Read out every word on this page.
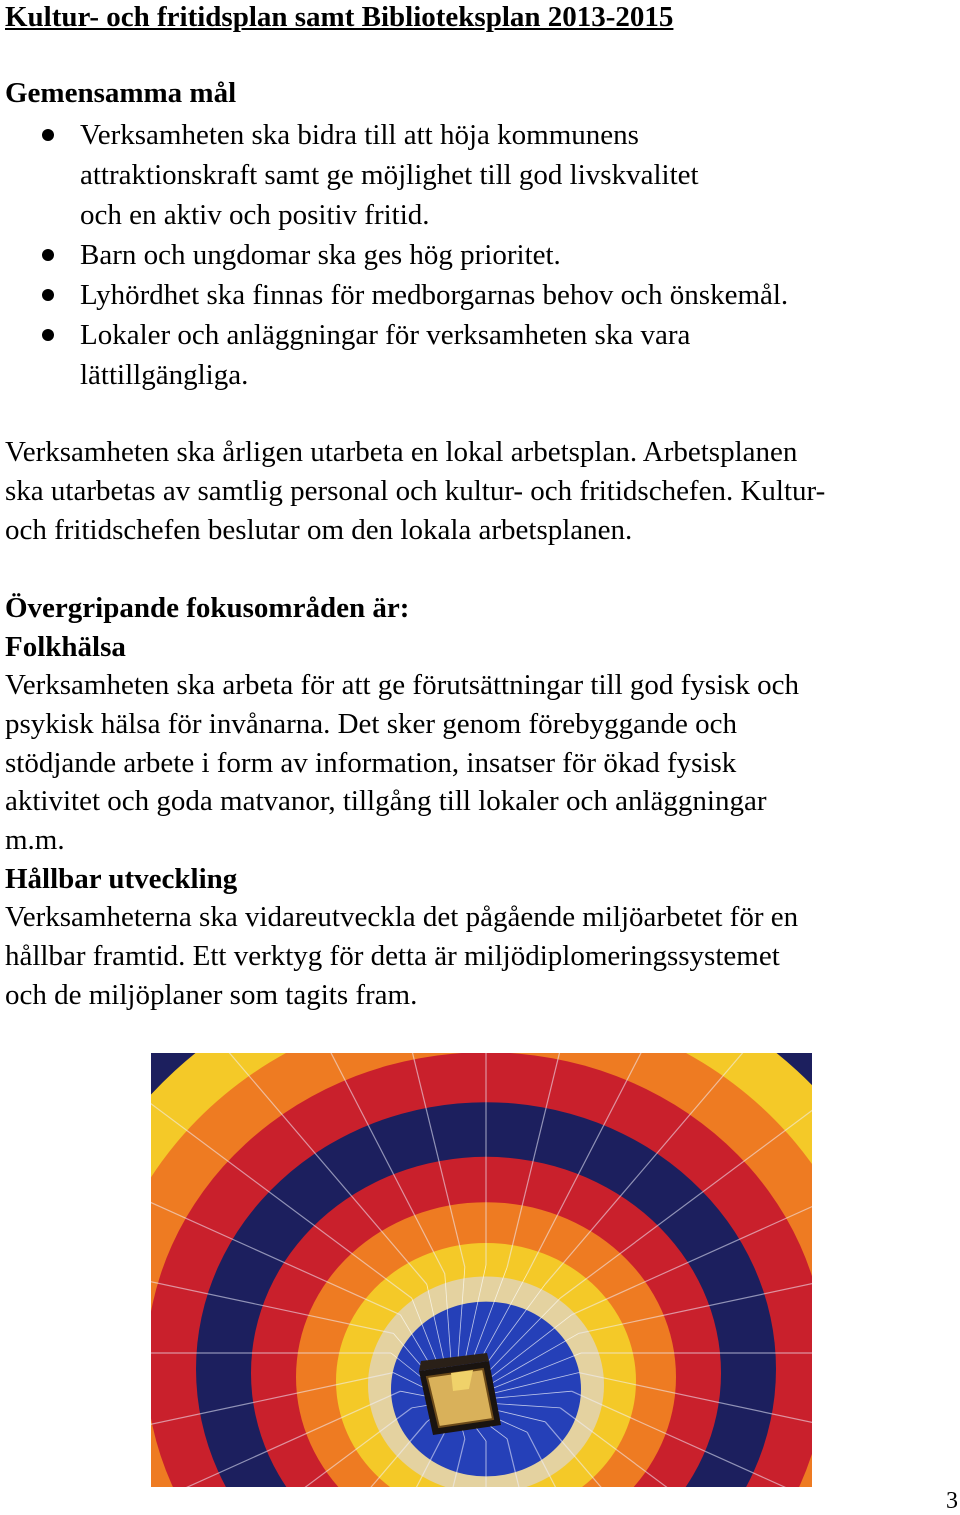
Kultur- och fritidsplan samt Biblioteksplan 2013-2015
Gemensamma mål
Verksamheten ska bidra till att höja kommunens
attraktionskraft samt ge möjlighet till god livskvalitet
och en aktiv och positiv fritid.
Barn och ungdomar ska ges hög prioritet.
Lyhördhet ska finnas för medborgarnas behov och önskemål.
Lokaler och anläggningar för verksamheten ska vara
lättillgängliga.
Verksamheten ska årligen utarbeta en lokal arbetsplan. Arbetsplanen
ska utarbetas av samtlig personal och kultur- och fritidschefen. Kultur-
och fritidschefen beslutar om den lokala arbetsplanen.
Övergripande fokusområden är:
Folkhälsa
Verksamheten ska arbeta för att ge förutsättningar till god fysisk och
psykisk hälsa för invånarna. Det sker genom förebyggande och
stödjande arbete i form av information, insatser för ökad fysisk
aktivitet och goda matvanor, tillgång till lokaler och anläggningar
m.m.
Hållbar utveckling
Verksamheterna ska vidareutveckla det pågående miljöarbetet för en
hållbar framtid. Ett verktyg för detta är miljödiplomeringssystemet
och de miljöplaner som tagits fram.
3
